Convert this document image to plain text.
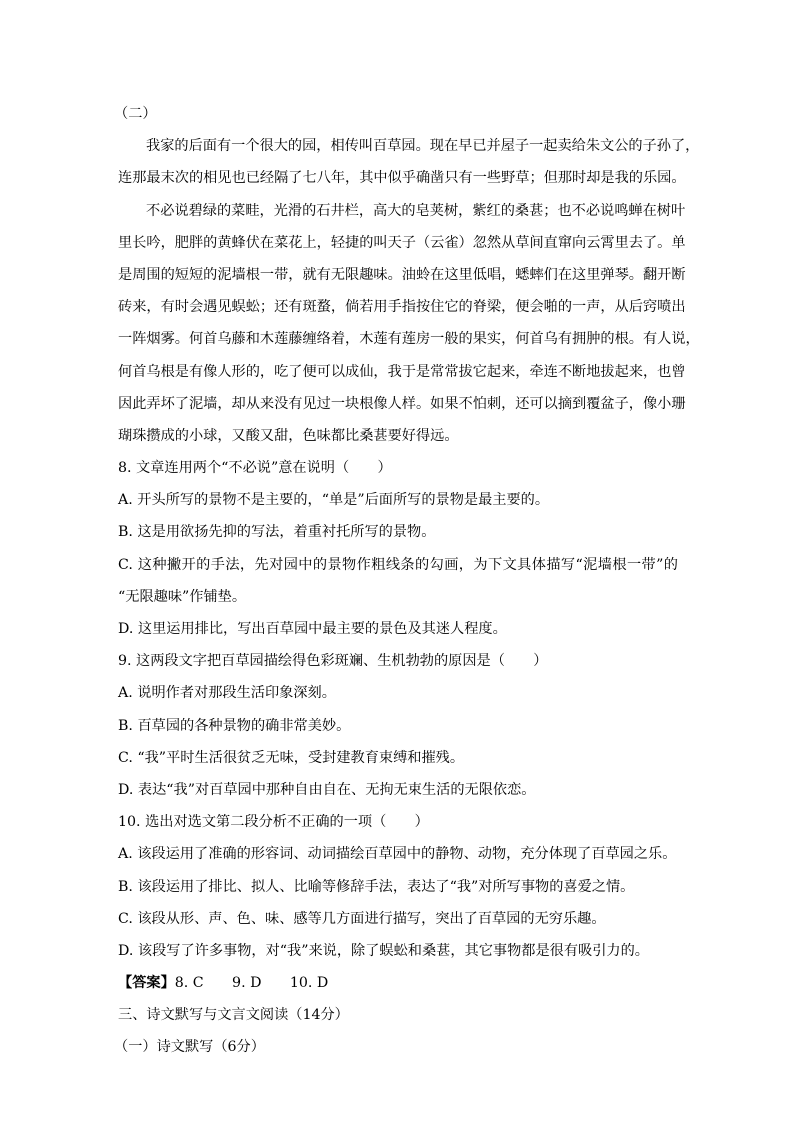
（二）
我家的后面有一个很大的园，相传叫百草园。现在早已并屋子一起卖给朱文公的子孙了，
连那最末次的相见也已经隔了七八年，其中似乎确凿只有一些野草；但那时却是我的乐园。
不必说碧绿的菜畦，光滑的石井栏，高大的皂荚树，紫红的桑葚；也不必说鸣蝉在树叶
里长吟，肥胖的黄蜂伏在菜花上，轻捷的叫天子（云雀）忽然从草间直窜向云霄里去了。单
是周围的短短的泥墙根一带，就有无限趣味。油蛉在这里低唱，蟋蟀们在这里弹琴。翻开断
砖来，有时会遇见蜈蚣；还有斑蝥，倘若用手指按住它的脊梁，便会啪的一声，从后窍喷出
一阵烟雾。何首乌藤和木莲藤缠络着，木莲有莲房一般的果实，何首乌有拥肿的根。有人说，
何首乌根是有像人形的，吃了便可以成仙，我于是常常拔它起来，牵连不断地拔起来，也曾
因此弄坏了泥墙，却从来没有见过一块根像人样。如果不怕刺，还可以摘到覆盆子，像小珊
瑚珠攒成的小球，又酸又甜，色味都比桑葚要好得远。
8. 文章连用两个“不必说”意在说明（　　）
A. 开头所写的景物不是主要的，“单是”后面所写的景物是最主要的。
B. 这是用欲扬先抑的写法，着重衬托所写的景物。
C. 这种撇开的手法，先对园中的景物作粗线条的勾画，为下文具体描写“泥墙根一带”的
“无限趣味”作铺垫。
D. 这里运用排比，写出百草园中最主要的景色及其迷人程度。
9. 这两段文字把百草园描绘得色彩斑斓、生机勃勃的原因是（　　）
A. 说明作者对那段生活印象深刻。
B. 百草园的各种景物的确非常美妙。
C. “我”平时生活很贫乏无味，受封建教育束缚和摧残。
D. 表达“我”对百草园中那种自由自在、无拘无束生活的无限依恋。
10. 选出对选文第二段分析不正确的一项（　　）
A. 该段运用了准确的形容词、动词描绘百草园中的静物、动物，充分体现了百草园之乐。
B. 该段运用了排比、拟人、比喻等修辞手法，表达了“我”对所写事物的喜爱之情。
C. 该段从形、声、色、味、感等几方面进行描写，突出了百草园的无穷乐趣。
D. 该段写了许多事物，对“我”来说，除了蜈蚣和桑葚，其它事物都是很有吸引力的。
【答案】8. C　　9. D　　10. D
三、诗文默写与文言文阅读（14分）
（一）诗文默写（6分）
